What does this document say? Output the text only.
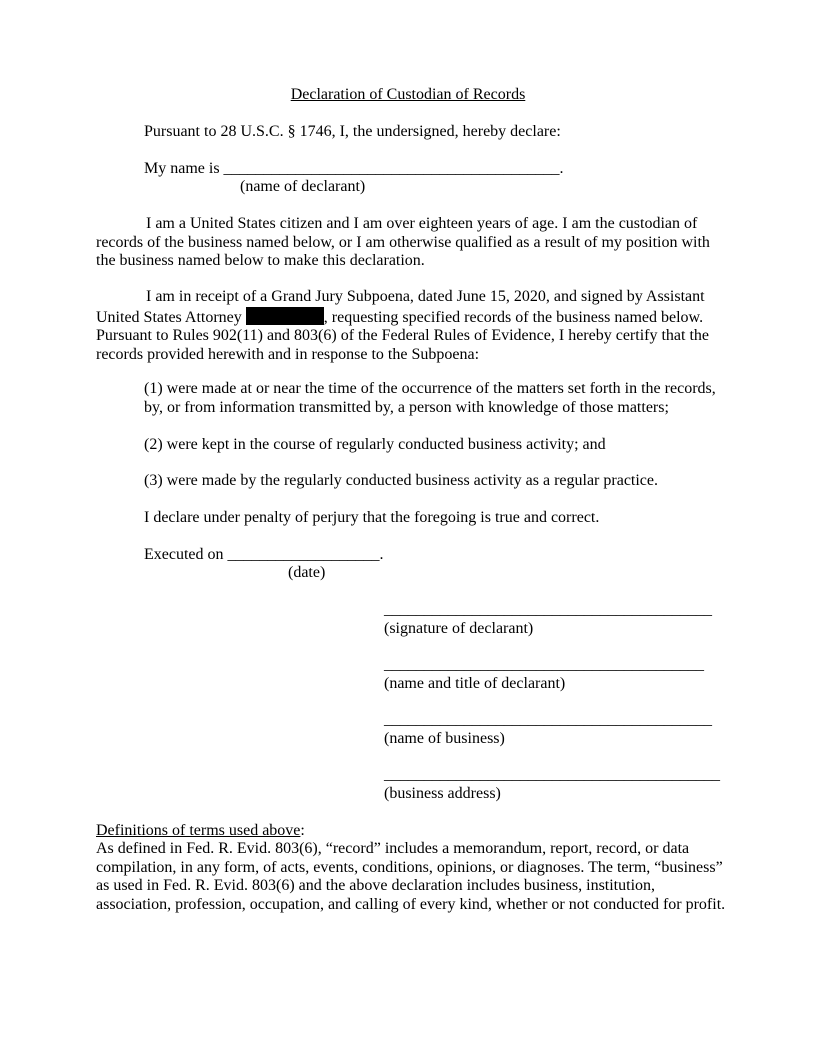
Declaration of Custodian of Records
Pursuant to 28 U.S.C. § 1746, I, the undersigned, hereby declare:
My name is __________________________________________.
(name of declarant)
I am a United States citizen and I am over eighteen years of age. I am the custodian of records of the business named below, or I am otherwise qualified as a result of my position with the business named below to make this declaration.
I am in receipt of a Grand Jury Subpoena, dated June 15, 2020, and signed by Assistant United States Attorney	, requesting specified records of the business named below. Pursuant to Rules 902(11) and 803(6) of the Federal Rules of Evidence, I hereby certify that the records provided herewith and in response to the Subpoena:
(1) were made at or near the time of the occurrence of the matters set forth in the records, by, or from information transmitted by, a person with knowledge of those matters;
(2) were kept in the course of regularly conducted business activity; and
(3) were made by the regularly conducted business activity as a regular practice.
I declare under penalty of perjury that the foregoing is true and correct.
Executed on ___________________.
(date)
_________________________________________
(signature of declarant)
________________________________________
(name and title of declarant)
_________________________________________
(name of business)
__________________________________________
(business address)
Definitions of terms used above:
As defined in Fed. R. Evid. 803(6), “record” includes a memorandum, report, record, or data compilation, in any form, of acts, events, conditions, opinions, or diagnoses. The term, “business” as used in Fed. R. Evid. 803(6) and the above declaration includes business, institution, association, profession, occupation, and calling of every kind, whether or not conducted for profit.
